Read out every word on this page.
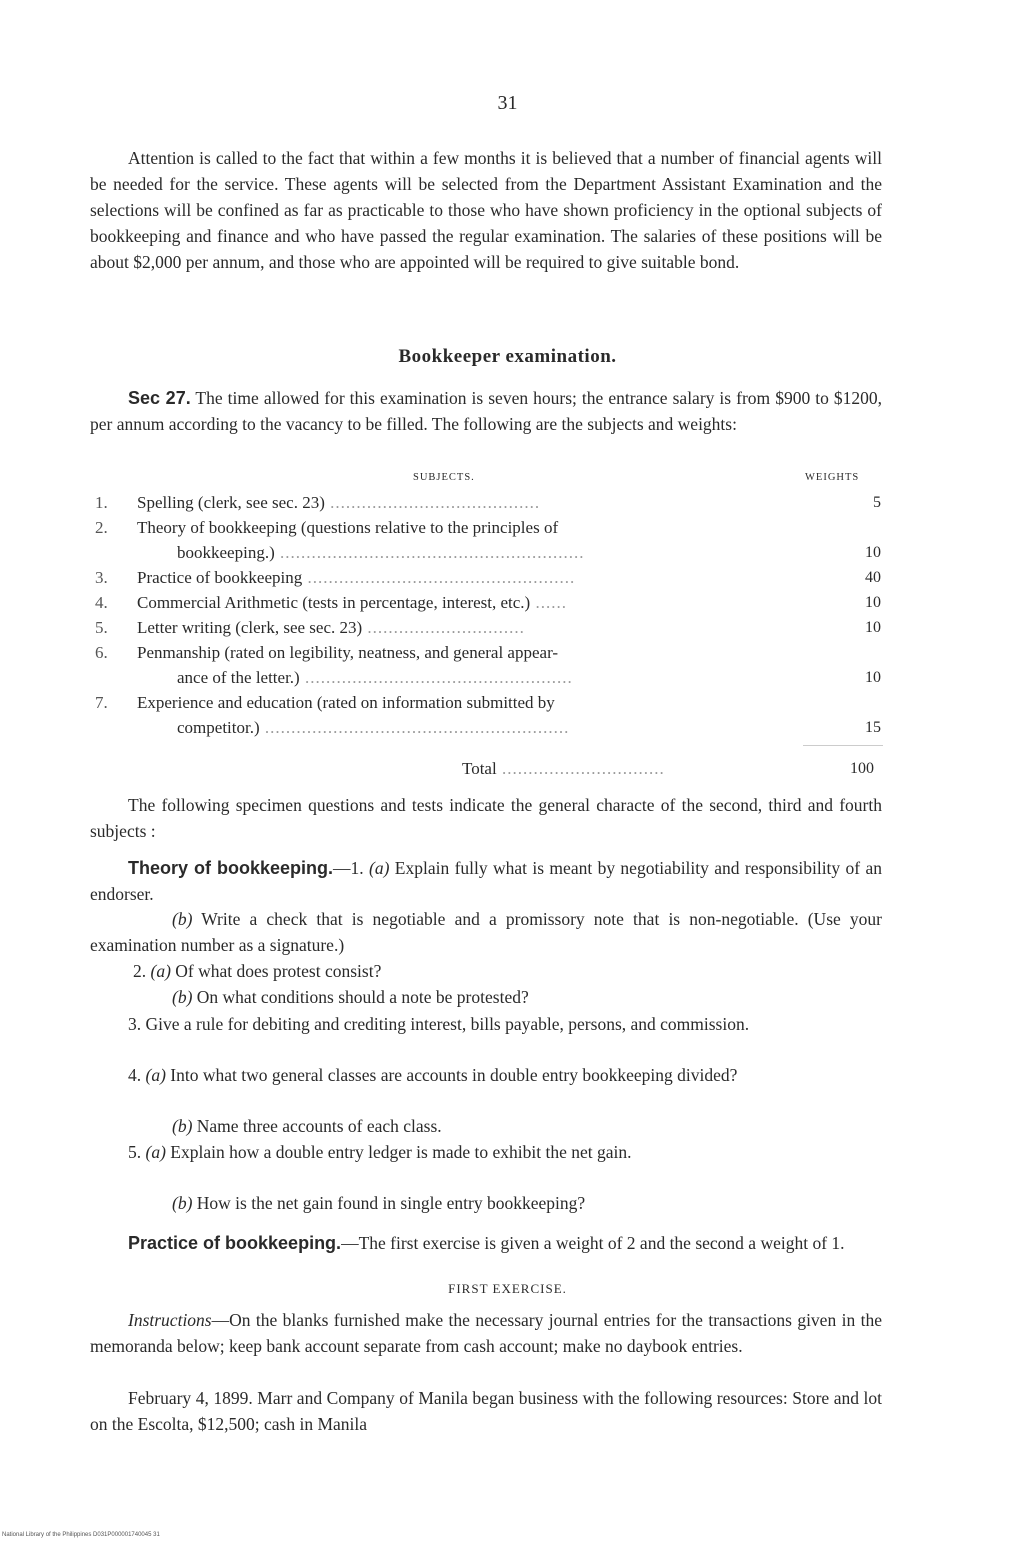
31

Attention is called to the fact that within a few months it is believed that a number of financial agents will be needed for the service. These agents will be selected from the Department Assistant Examination and the selections will be confined as far as practicable to those who have shown proficiency in the optional subjects of bookkeeping and finance and who have passed the regular examination. The salaries of these positions will be about $2,000 per annum, and those who are appointed will be required to give suitable bond.

Bookkeeper examination.

Sec 27. The time allowed for this examination is seven hours; the entrance salary is from $900 to $1200, per annum according to the vacancy to be filled. The following are the subjects and weights:

SUBJECTS.	WEIGHTS
1.	Spelling (clerk, see sec. 23) ........................................	5
2.	Theory of bookkeeping (questions relative to the principles of
bookkeeping.) ..........................................................	10
3.	Practice of bookkeeping ...................................................	40
4.	Commercial Arithmetic (tests in percentage, interest, etc.) ......	10
5.	Letter writing (clerk, see sec. 23) ..............................	10
6.	Penmanship (rated on legibility, neatness, and general appear-
ance of the letter.) ...................................................	10
7.	Experience and education (rated on information submitted by
competitor.) ..........................................................	15
Total ...............................	100

The following specimen questions and tests indicate the general characte of the second, third and fourth subjects :

Theory of bookkeeping.—1. (a) Explain fully what is meant by negotiability and responsibility of an endorser.

(b) Write a check that is negotiable and a promissory note that is non-negotiable. (Use your examination number as a signature.)

2. (a) Of what does protest consist?

(b) On what conditions should a note be protested?

3. Give a rule for debiting and crediting interest, bills payable, persons, and commission.

4. (a) Into what two general classes are accounts in double entry bookkeeping divided?

(b) Name three accounts of each class.

5. (a) Explain how a double entry ledger is made to exhibit the net gain.

(b) How is the net gain found in single entry bookkeeping?

Practice of bookkeeping.—The first exercise is given a weight of 2 and the second a weight of 1.

FIRST EXERCISE.

Instructions—On the blanks furnished make the necessary journal entries for the transactions given in the memoranda below; keep bank account separate from cash account; make no daybook entries.

February 4, 1899. Marr and Company of Manila began business with the following resources: Store and lot on the Escolta, $12,500; cash in Manila

National Library of the Philippines D031P000001740045 31
